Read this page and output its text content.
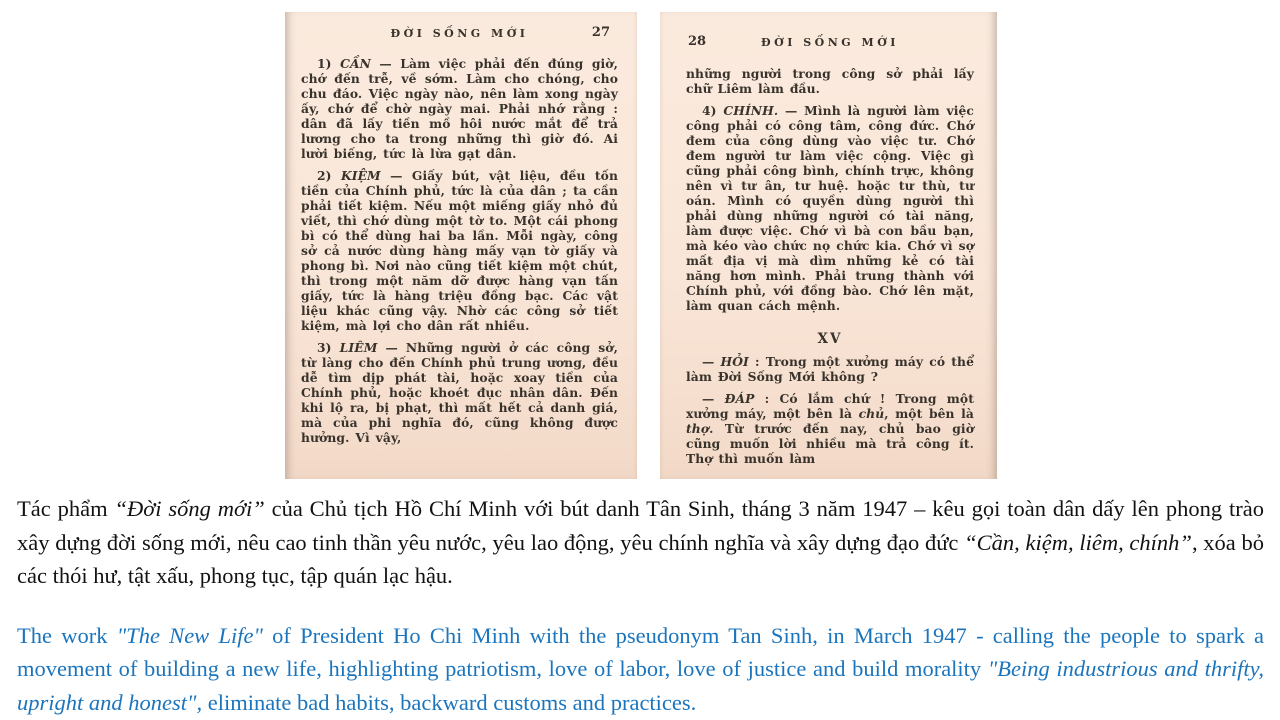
ĐỜI SỐNG MỚI	27

1) CẦN — Làm việc phải đến đúng giờ, chớ đến trễ, về sớm. Làm cho chóng, cho chu đáo. Việc ngày nào, nên làm xong ngày ấy, chớ để chờ ngày mai. Phải nhớ rằng : dân đã lấy tiền mồ hôi nước mắt để trả lương cho ta trong những thì giờ đó. Ai lười biếng, tức là lừa gạt dân.

2) KIỆM — Giấy bút, vật liệu, đều tốn tiền của Chính phủ, tức là của dân ; ta cần phải tiết kiệm. Nếu một miếng giấy nhỏ đủ viết, thì chớ dùng một tờ to. Một cái phong bì có thể dùng hai ba lần. Mỗi ngày, công sở cả nước dùng hàng mấy vạn tờ giấy và phong bì. Nơi nào cũng tiết kiệm một chút, thì trong một năm dỡ được hàng vạn tấn giấy, tức là hàng triệu đồng bạc. Các vật liệu khác cũng vậy. Nhờ các công sở tiết kiệm, mà lợi cho dân rất nhiều.

3) LIÊM — Những người ở các công sở, từ làng cho đến Chính phủ trung ương, đều dễ tìm dịp phát tài, hoặc xoay tiền của Chính phủ, hoặc khoét đục nhân dân. Đến khi lộ ra, bị phạt, thì mất hết cả danh giá, mà của phi nghĩa đó, cũng không được hưởng. Vì vậy,

28	ĐỜI SỐNG MỚI

những người trong công sở phải lấy chữ Liêm làm đầu.

4) CHÍNH. — Mình là người làm việc công phải có công tâm, công đức. Chớ đem của công dùng vào việc tư. Chớ đem người tư làm việc cộng. Việc gì cũng phải công bình, chính trực, không nên vì tư ân, tư huệ. hoặc tư thù, tư oán. Mình có quyền dùng người thì phải dùng những người có tài năng, làm được việc. Chớ vì bà con bầu bạn, mà kéo vào chức nọ chức kia. Chớ vì sợ mất địa vị mà dìm những kẻ có tài năng hơn mình. Phải trung thành với Chính phủ, với đồng bào. Chớ lên mặt, làm quan cách mệnh.

XV

— HỎI : Trong một xưởng máy có thể làm Đời Sống Mới không ?

— ĐÁP : Có lắm chứ ! Trong một xưởng máy, một bên là chủ, một bên là thợ. Từ trước đến nay, chủ bao giờ cũng muốn lời nhiều mà trả công ít. Thợ thì muốn làm

Tác phẩm “Đời sống mới” của Chủ tịch Hồ Chí Minh với bút danh Tân Sinh, tháng 3 năm 1947 – kêu gọi toàn dân dấy lên phong trào xây dựng đời sống mới, nêu cao tinh thần yêu nước, yêu lao động, yêu chính nghĩa và xây dựng đạo đức “Cần, kiệm, liêm, chính”, xóa bỏ các thói hư, tật xấu, phong tục, tập quán lạc hậu.

The work "The New Life" of President Ho Chi Minh with the pseudonym Tan Sinh, in March 1947 - calling the people to spark a movement of building a new life, highlighting patriotism, love of labor, love of justice and build morality "Being industrious and thrifty, upright and honest", eliminate bad habits, backward customs and practices.
